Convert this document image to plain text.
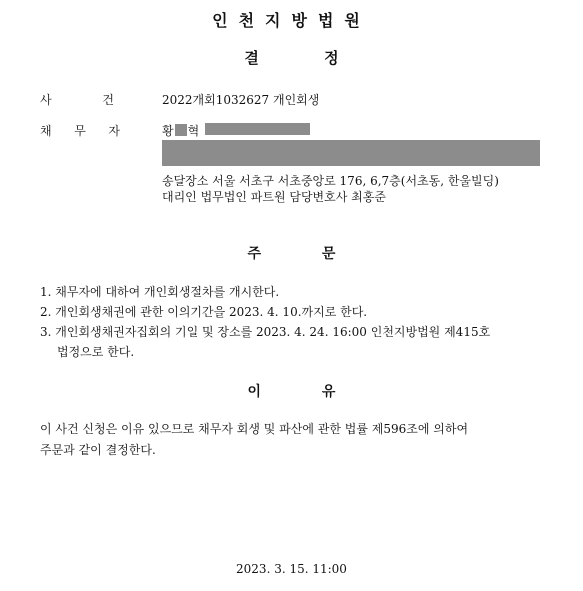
인천지방법원
결 정
사	건	2022개회1032627 개인회생
채 무 자	황 혁
송달장소 서울 서초구 서초중앙로 176, 6,7층(서초동, 한울빌딩)
대리인 법무법인 파트원 담당변호사 최홍준
주 문
1. 채무자에 대하여 개인회생절차를 개시한다.
2. 개인회생채권에 관한 이의기간을 2023. 4. 10.까지로 한다.
3. 개인회생채권자집회의 기일 및 장소를 2023. 4. 24. 16:00 인천지방법원 제415호
법정으로 한다.
이 유
이 사건 신청은 이유 있으므로 채무자 회생 및 파산에 관한 법률 제596조에 의하여
주문과 같이 결정한다.
2023. 3. 15. 11:00
